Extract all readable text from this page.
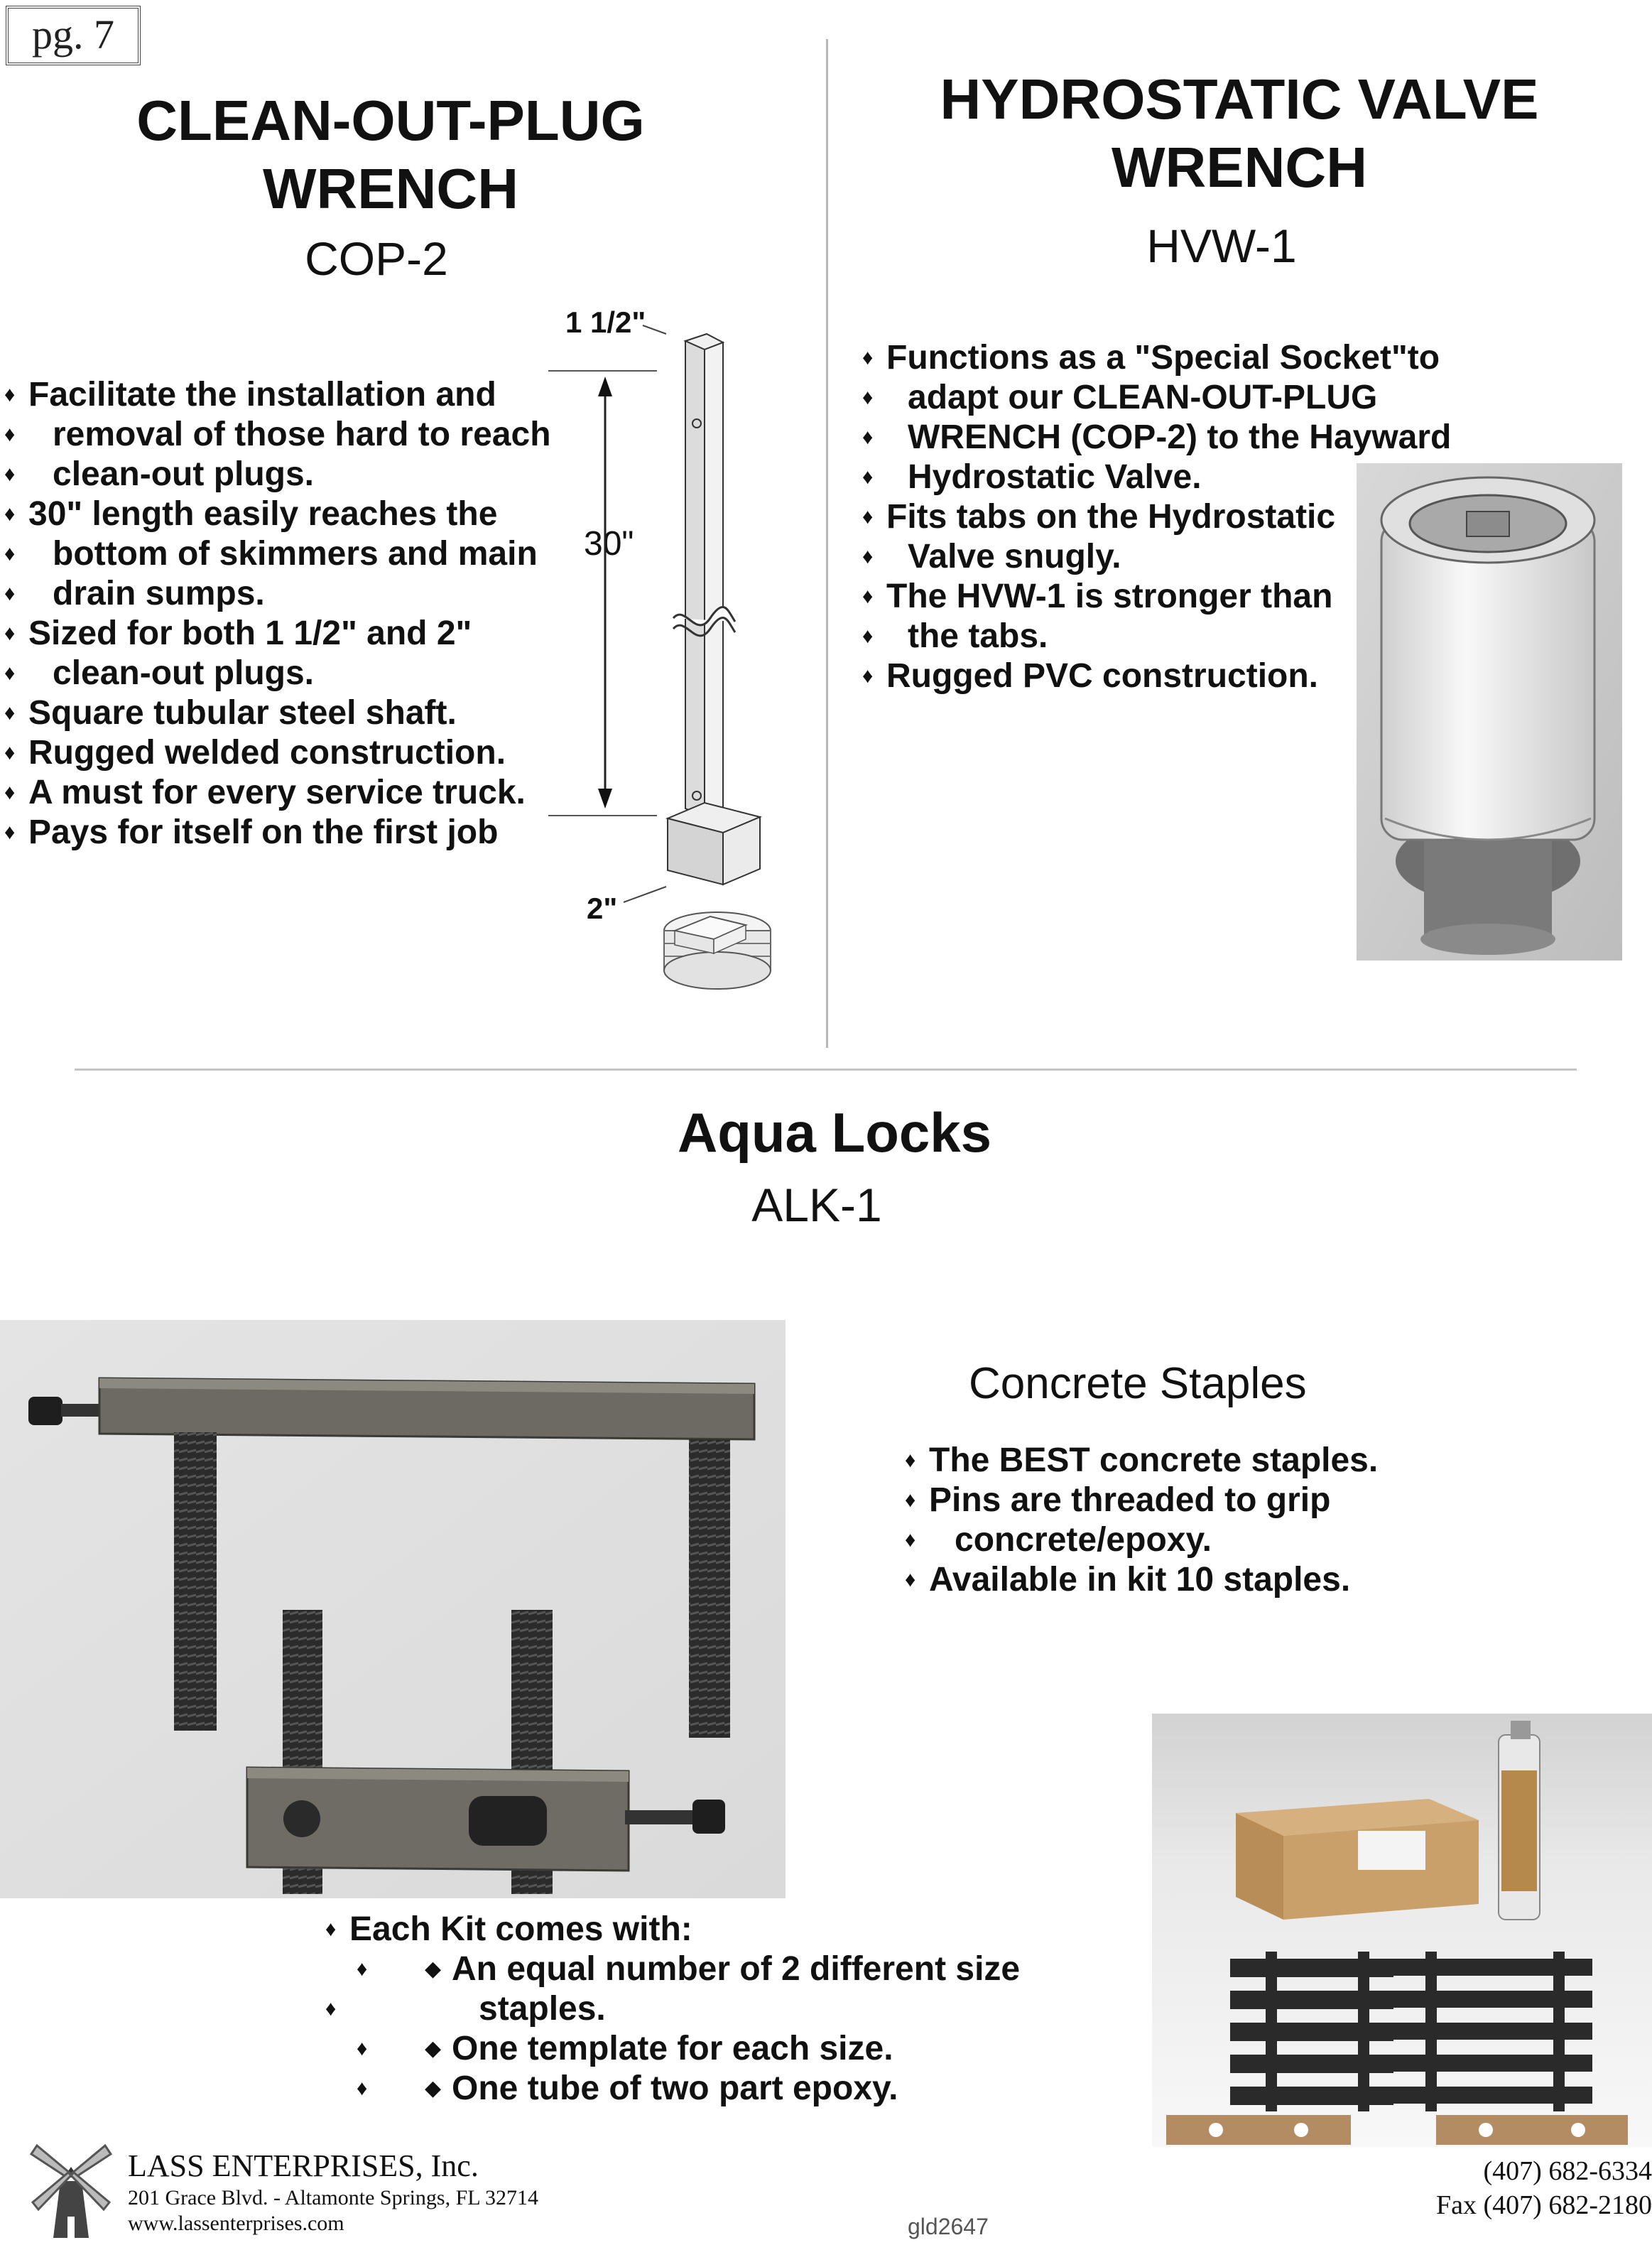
pg. 7
CLEAN-OUT-PLUG
WRENCH
COP-2
♦ Facilitate the installation and
♦ removal of those hard to reach
♦ clean-out plugs.
♦ 30" length easily reaches the
♦ bottom of skimmers and main
♦ drain sumps.
♦ Sized for both 1 1/2" and 2"
♦ clean-out plugs.
♦ Square tubular steel shaft.
♦ Rugged welded construction.
♦ A must for every service truck.
♦ Pays for itself on the first job
1 1/2"
30"
2"
HYDROSTATIC VALVE
WRENCH
HVW-1
♦ Functions as a "Special Socket"to
♦ adapt our CLEAN-OUT-PLUG
♦ WRENCH (COP-2) to the Hayward
♦ Hydrostatic Valve.
♦ Fits tabs on the Hydrostatic
♦ Valve snugly.
♦ The HVW-1 is stronger than
♦ the tabs.
♦ Rugged PVC construction.
Aqua Locks
ALK-1
Concrete Staples
♦ The BEST concrete staples.
♦ Pins are threaded to grip
♦ concrete/epoxy.
♦ Available in kit 10 staples.
♦ Each Kit comes with:
♦ ◆ An equal number of 2 different size
♦ staples.
♦ ◆ One template for each size.
♦ ◆ One tube of two part epoxy.
LASS ENTERPRISES, Inc.
201 Grace Blvd. - Altamonte Springs, FL 32714
www.lassenterprises.com
(407) 682-6334
Fax (407) 682-2180
gld2647
